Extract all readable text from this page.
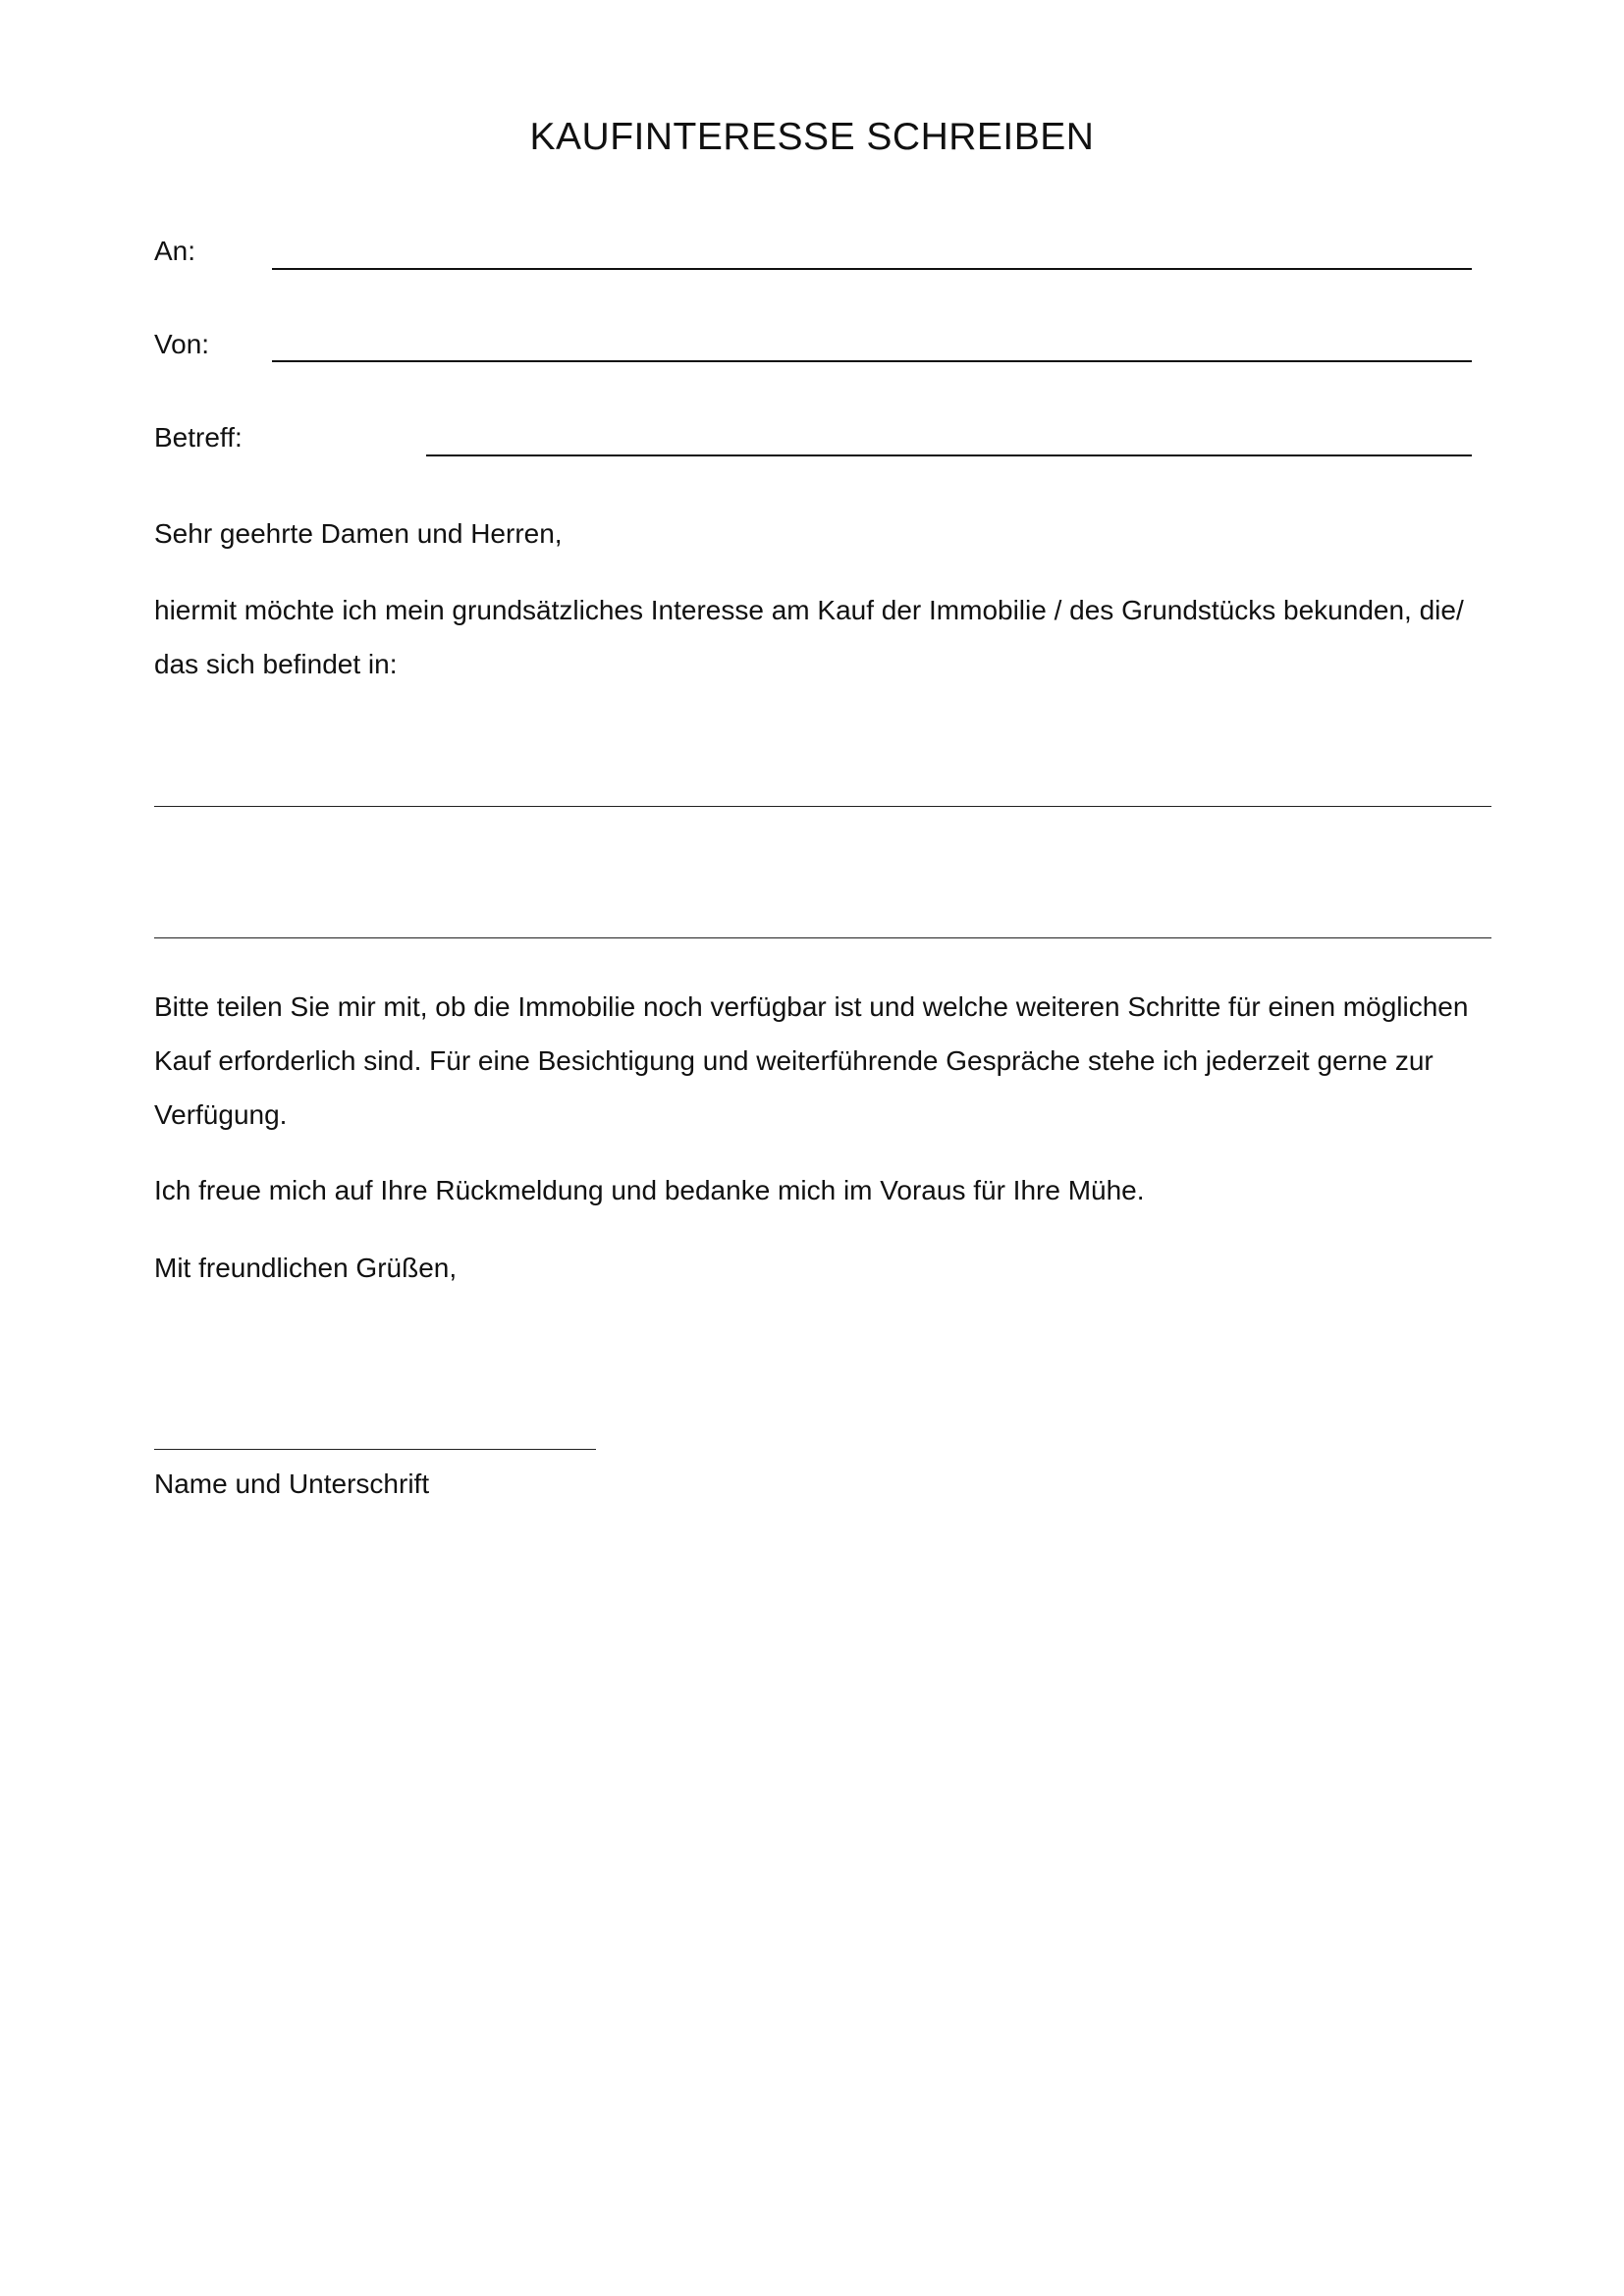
KAUFINTERESSE SCHREIBEN
An:
Von:
Betreff:

Sehr geehrte Damen und Herren,

hiermit möchte ich mein grundsätzliches Interesse am Kauf der Immobilie / des Grundstücks bekunden, die/ das sich befindet in:

Bitte teilen Sie mir mit, ob die Immobilie noch verfügbar ist und welche weiteren Schritte für einen möglichen Kauf erforderlich sind. Für eine Besichtigung und weiterführende Gespräche stehe ich jederzeit gerne zur Verfügung.

Ich freue mich auf Ihre Rückmeldung und bedanke mich im Voraus für Ihre Mühe.

Mit freundlichen Grüßen,

Name und Unterschrift
